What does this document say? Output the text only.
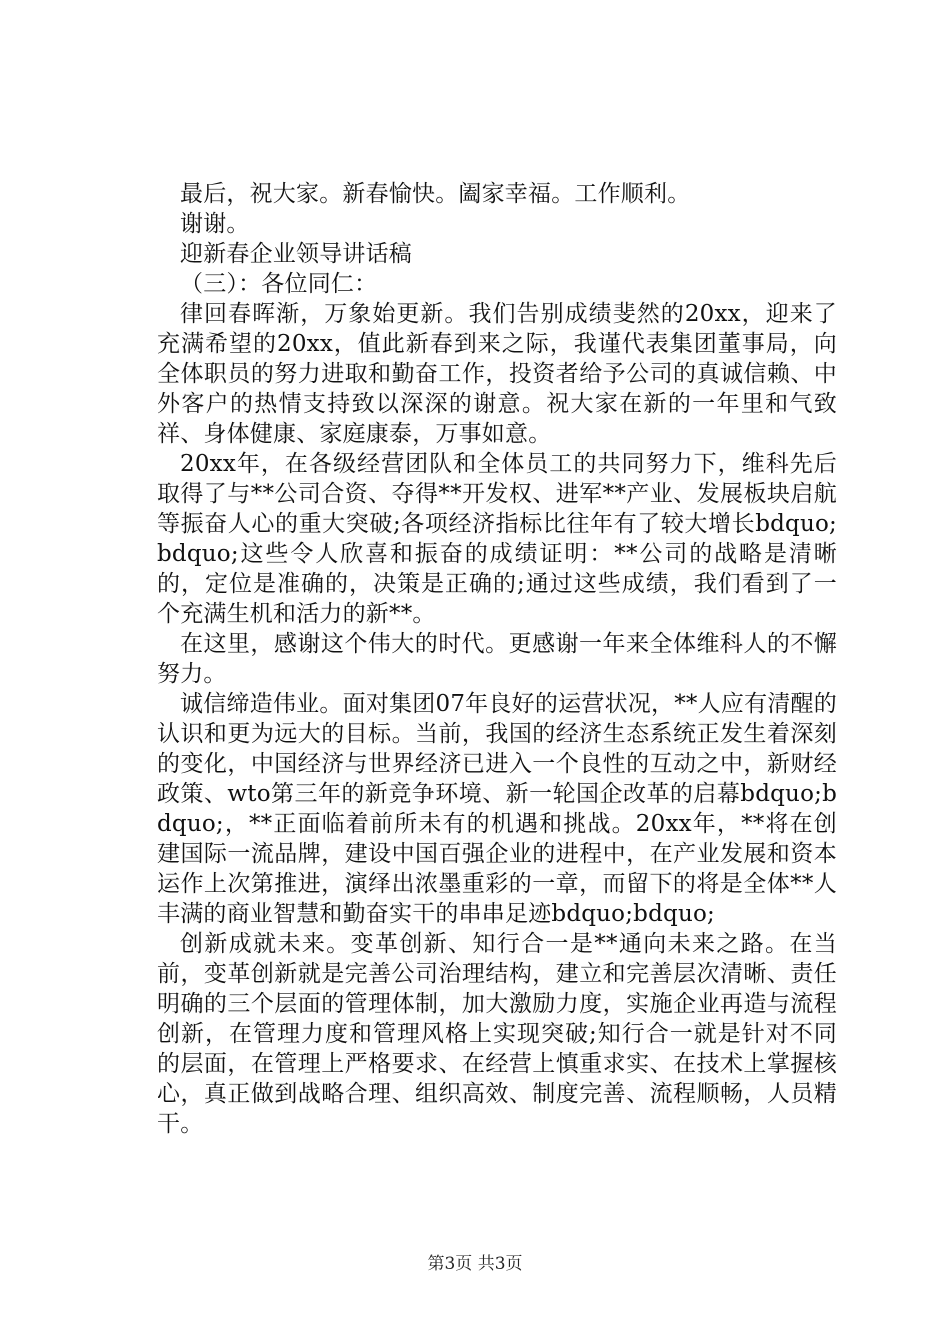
最后，祝大家。新春愉快。阖家幸福。工作顺利。

谢谢。

迎新春企业领导讲话稿

（三）：各位同仁：

律回春晖渐，万象始更新。我们告别成绩斐然的20xx，迎来了充满希望的20xx，值此新春到来之际，我谨代表集团董事局，向全体职员的努力进取和勤奋工作，投资者给予公司的真诚信赖、中外客户的热情支持致以深深的谢意。祝大家在新的一年里和气致祥、身体健康、家庭康泰，万事如意。

20xx年，在各级经营团队和全体员工的共同努力下，维科先后取得了与**公司合资、夺得**开发权、进军**产业、发展板块启航等振奋人心的重大突破;各项经济指标比往年有了较大增长bdquo;bdquo;这些令人欣喜和振奋的成绩证明：**公司的战略是清晰的，定位是准确的，决策是正确的;通过这些成绩，我们看到了一个充满生机和活力的新**。

在这里，感谢这个伟大的时代。更感谢一年来全体维科人的不懈努力。

诚信缔造伟业。面对集团07年良好的运营状况，**人应有清醒的认识和更为远大的目标。当前，我国的经济生态系统正发生着深刻的变化，中国经济与世界经济已进入一个良性的互动之中，新财经政策、wto第三年的新竞争环境、新一轮国企改革的启幕bdquo;bdquo;，**正面临着前所未有的机遇和挑战。20xx年，**将在创建国际一流品牌，建设中国百强企业的进程中，在产业发展和资本运作上次第推进，演绎出浓墨重彩的一章，而留下的将是全体**人丰满的商业智慧和勤奋实干的串串足迹bdquo;bdquo;

创新成就未来。变革创新、知行合一是**通向未来之路。在当前，变革创新就是完善公司治理结构，建立和完善层次清晰、责任明确的三个层面的管理体制，加大激励力度，实施企业再造与流程创新，在管理力度和管理风格上实现突破;知行合一就是针对不同的层面，在管理上严格要求、在经营上慎重求实、在技术上掌握核心，真正做到战略合理、组织高效、制度完善、流程顺畅，人员精干。

第3页 共3页
